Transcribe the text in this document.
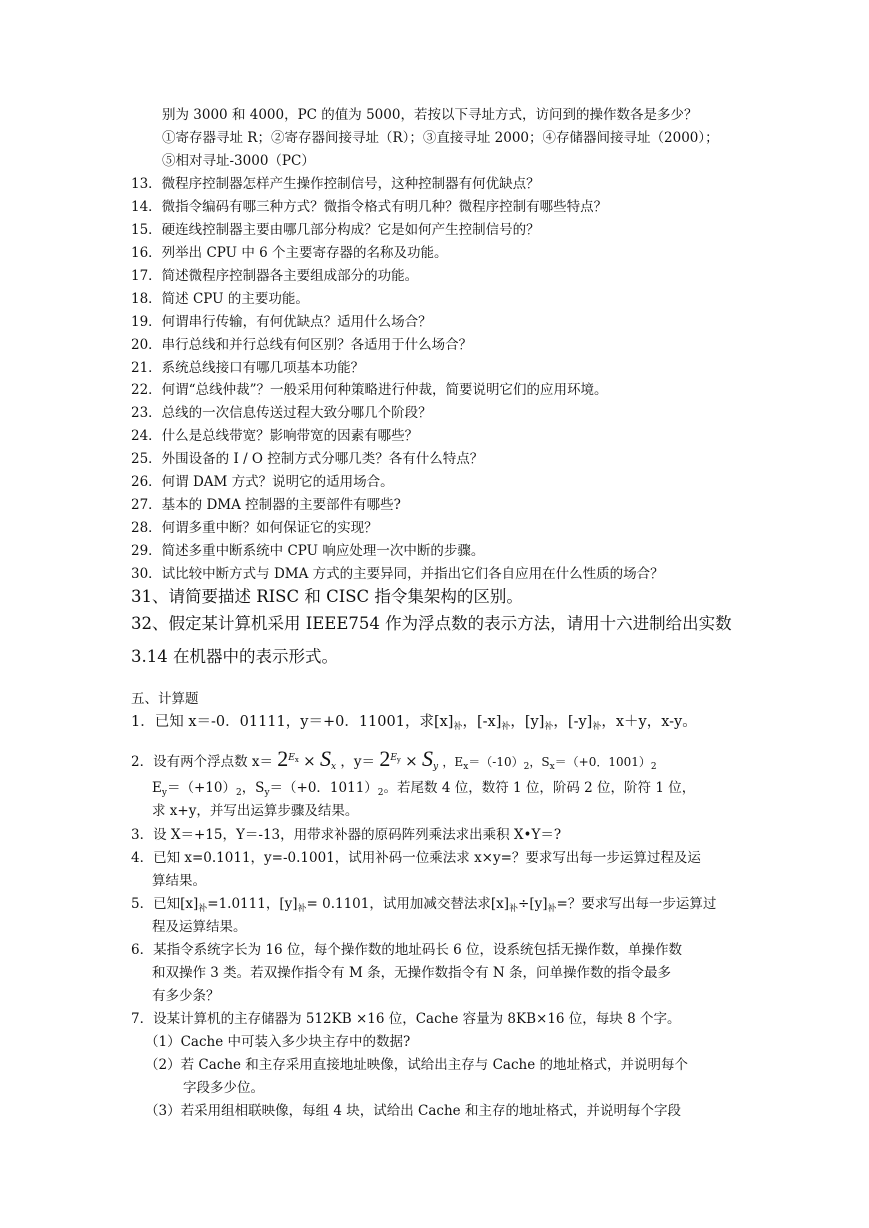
别为 3000 和 4000，PC 的值为 5000，若按以下寻址方式，访问到的操作数各是多少？
①寄存器寻址 R；②寄存器间接寻址（R）；③直接寻址 2000；④存储器间接寻址（2000）；
⑤相对寻址-3000（PC）
13．微程序控制器怎样产生操作控制信号，这种控制器有何优缺点？
14．微指令编码有哪三种方式？微指令格式有明几种？微程序控制有哪些特点？
15．硬连线控制器主要由哪几部分构成？它是如何产生控制信号的？
16．列举出 CPU 中 6 个主要寄存器的名称及功能。
17．简述微程序控制器各主要组成部分的功能。
18．简述 CPU 的主要功能。
19．何谓串行传输，有何优缺点？适用什么场合？
20．串行总线和并行总线有何区别？各适用于什么场合？
21．系统总线接口有哪几项基本功能？
22．何谓“总线仲裁”？一般采用何种策略进行仲裁，简要说明它们的应用环境。
23．总线的一次信息传送过程大致分哪几个阶段？
24．什么是总线带宽？影响带宽的因素有哪些？
25．外围设备的 I / O 控制方式分哪几类？各有什么特点？
26．何谓 DAM 方式？说明它的适用场合。
27．基本的 DMA 控制器的主要部件有哪些?
28．何谓多重中断？如何保证它的实现？
29．简述多重中断系统中 CPU 响应处理一次中断的步骤。
30．试比较中断方式与 DMA 方式的主要异同，并指出它们各自应用在什么性质的场合？
31、请简要描述 RISC 和 CISC 指令集架构的区别。
32、假定某计算机采用 IEEE754 作为浮点数的表示方法，请用十六进制给出实数
3.14 在机器中的表示形式。
五、计算题
1．已知 x＝-0．01111，y＝+0．11001，求$[x]_补$，$[-x]_补$，$[y]_补$，$[-y]_补$，x＋y，x-y。
2．设有两个浮点数 $x= 2^{E_x} \times S_x$ ，$y= 2^{E_y} \times S_y$ ，$E_x=(-10)_2$，$S_x=(+0$．$1001)_2$
$E_y=(+10)_2$，$S_y=(+0$．$1011)_2$。若尾数 4 位，数符 1 位，阶码 2 位，阶符 1 位，
求 x+y，并写出运算步骤及结果。
3．设 X＝+15，Y＝-13，用带求补器的原码阵列乘法求出乘积 X•Y＝?
4．已知 x=0.1011，y=-0.1001，试用补码一位乘法求 x×y=？要求写出每一步运算过程及运
算结果。
5．已知$[x]_补=1.0111$，$[y]_补= 0.1101$，试用加减交替法求$[x]_补\div[y]_补=$？要求写出每一步运算过
程及运算结果。
6．某指令系统字长为 16 位，每个操作数的地址码长 6 位，设系统包括无操作数，单操作数
和双操作 3 类。若双操作指令有 M 条，无操作数指令有 N 条，问单操作数的指令最多
有多少条？
7．设某计算机的主存储器为 512KB ×16 位，Cache 容量为 8KB×16 位，每块 8 个字。
（1）Cache 中可装入多少块主存中的数据?
（2）若 Cache 和主存采用直接地址映像，试给出主存与 Cache 的地址格式，并说明每个
字段多少位。
（3）若采用组相联映像，每组 4 块，试给出 Cache 和主存的地址格式，并说明每个字段
